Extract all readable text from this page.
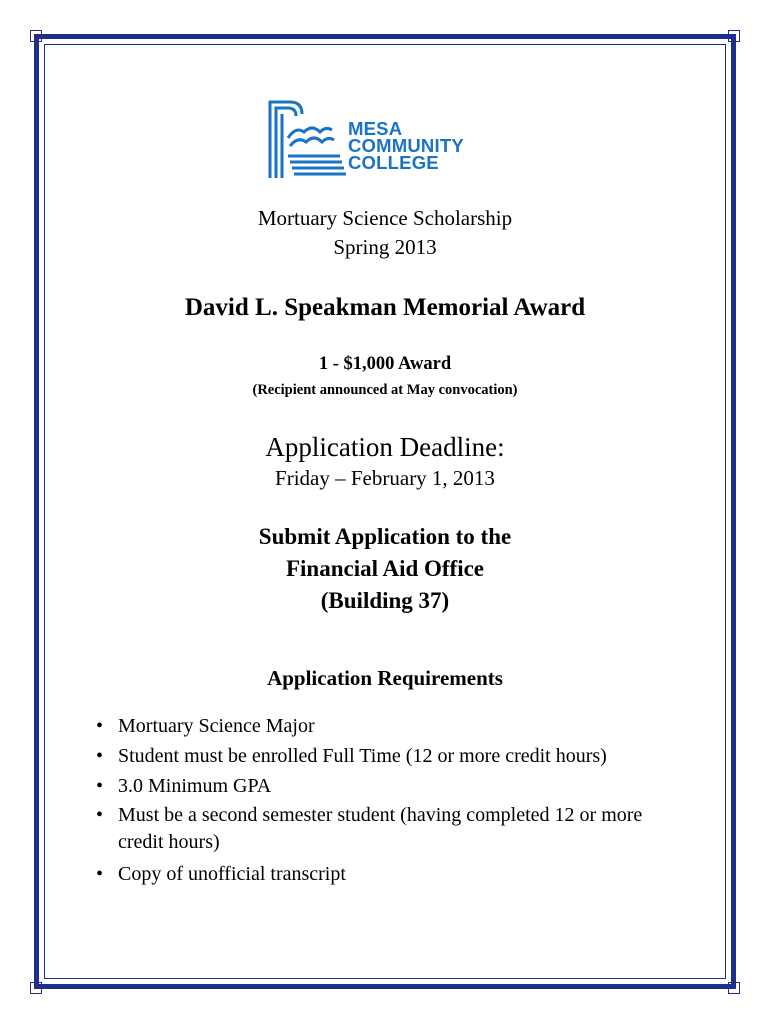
MESA
COMMUNITY
COLLEGE
Mortuary Science Scholarship
Spring 2013
David L. Speakman Memorial Award
1 - $1,000 Award
(Recipient announced at May convocation)
Application Deadline:
Friday – February 1, 2013
Submit Application to the
Financial Aid Office
(Building 37)
Application Requirements
• Mortuary Science Major
• Student must be enrolled Full Time (12 or more credit hours)
• 3.0 Minimum GPA
• Must be a second semester student (having completed 12 or more credit hours)
• Copy of unofficial transcript
